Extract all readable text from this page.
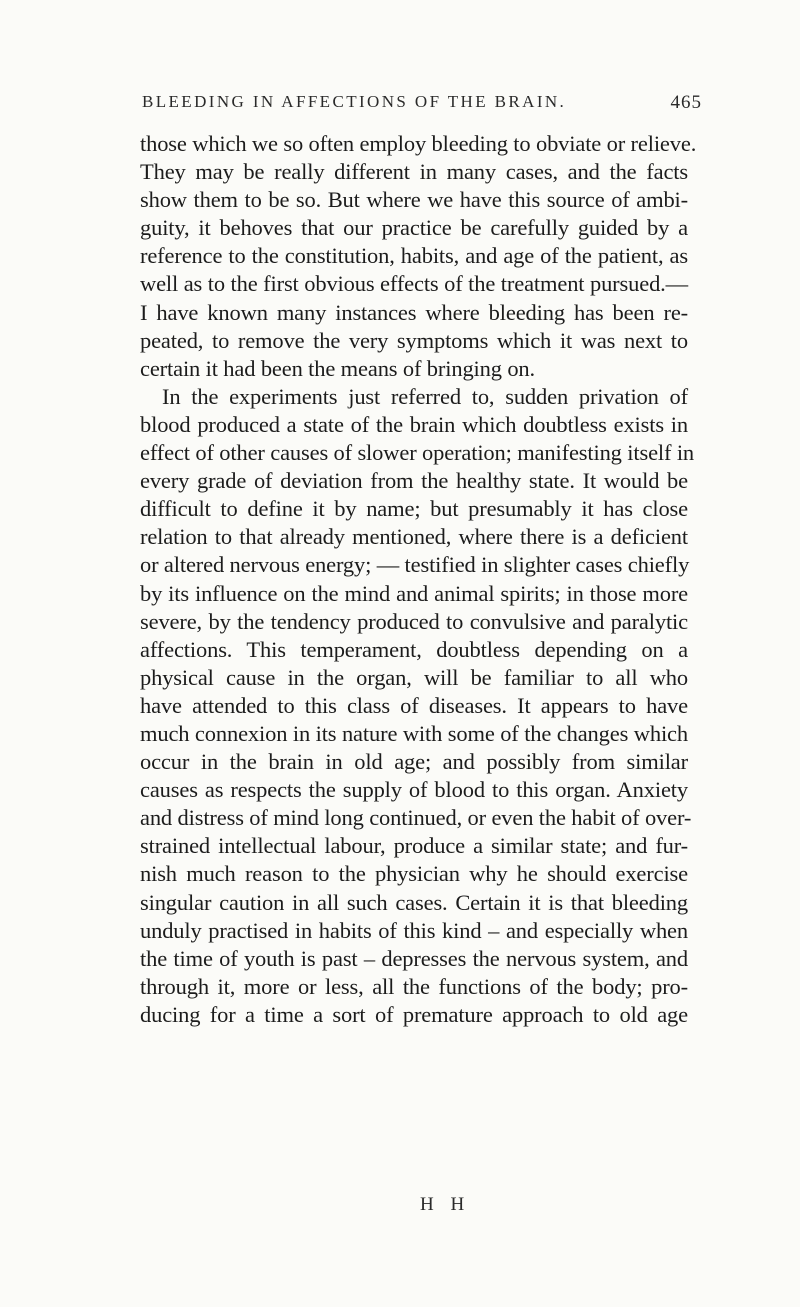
BLEEDING IN AFFECTIONS OF THE BRAIN.	465
those which we so often employ bleeding to obviate or relieve.
They may be really different in many cases, and the facts
show them to be so. But where we have this source of ambi-
guity, it behoves that our practice be carefully guided by a
reference to the constitution, habits, and age of the patient, as
well as to the first obvious effects of the treatment pursued.—
I have known many instances where bleeding has been re-
peated, to remove the very symptoms which it was next to
certain it had been the means of bringing on.
In the experiments just referred to, sudden privation of
blood produced a state of the brain which doubtless exists in
effect of other causes of slower operation; manifesting itself in
every grade of deviation from the healthy state. It would be
difficult to define it by name; but presumably it has close
relation to that already mentioned, where there is a deficient
or altered nervous energy; — testified in slighter cases chiefly
by its influence on the mind and animal spirits; in those more
severe, by the tendency produced to convulsive and paralytic
affections. This temperament, doubtless depending on a
physical cause in the organ, will be familiar to all who
have attended to this class of diseases. It appears to have
much connexion in its nature with some of the changes which
occur in the brain in old age; and possibly from similar
causes as respects the supply of blood to this organ. Anxiety
and distress of mind long continued, or even the habit of over-
strained intellectual labour, produce a similar state; and fur-
nish much reason to the physician why he should exercise
singular caution in all such cases. Certain it is that bleeding
unduly practised in habits of this kind – and especially when
the time of youth is past – depresses the nervous system, and
through it, more or less, all the functions of the body; pro-
ducing for a time a sort of premature approach to old age
H H
